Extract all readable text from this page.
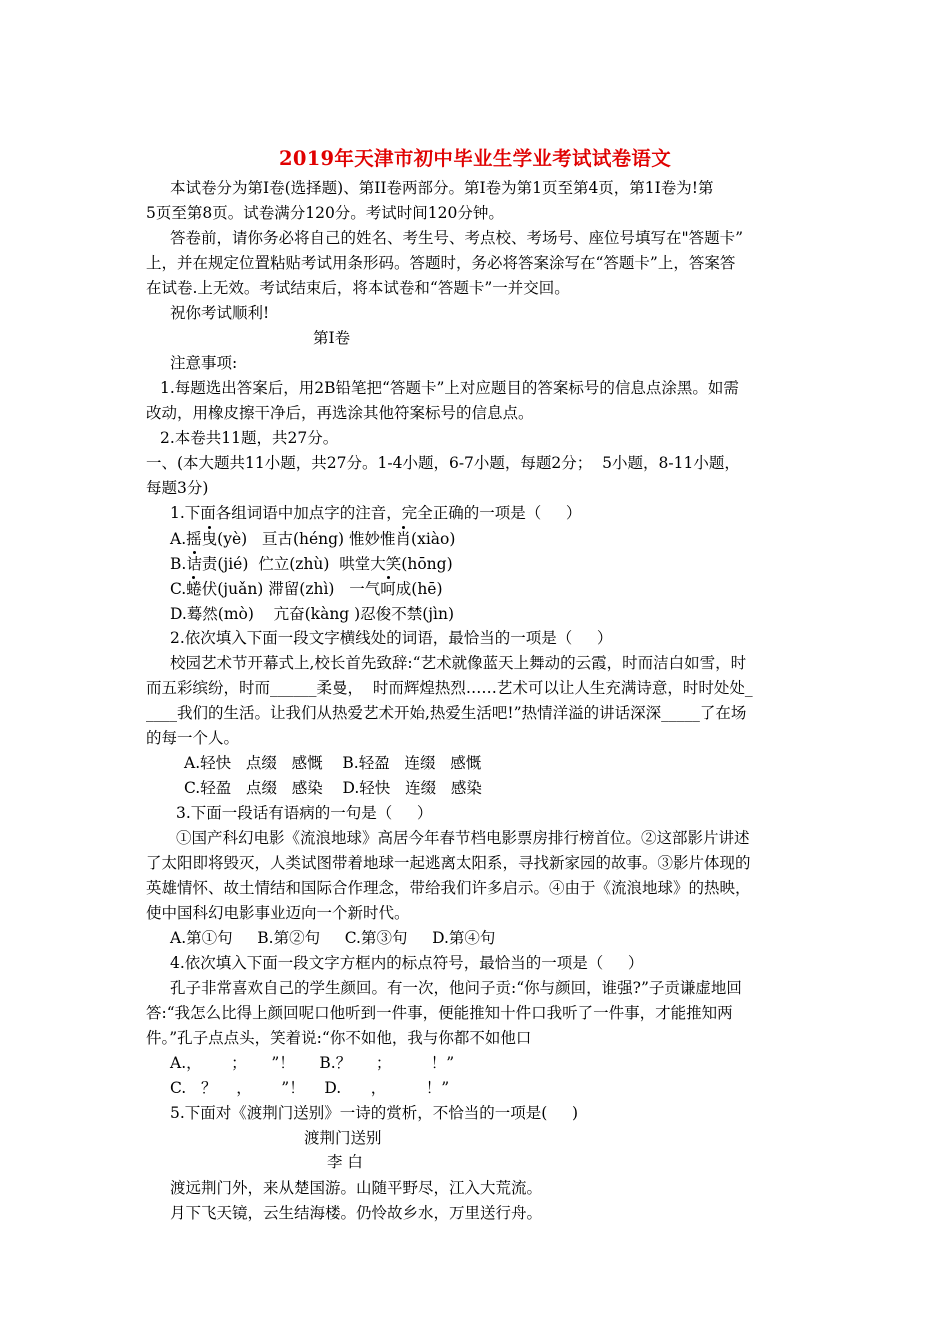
2019年天津市初中毕业生学业考试试卷语文
本试卷分为第Ⅰ卷(选择题)、第II卷两部分。第Ⅰ卷为第1页至第4页，第1I卷为!第
5页至第8页。试卷满分120分。考试时间120分钟。
答卷前，请你务必将自己的姓名、考生号、考点校、考场号、座位号填写在"答题卡”
上，并在规定位置粘贴考试用条形码。答题时，务必将答案涂写在“答题卡”上，答案答
在试卷.上无效。考试结束后，将本试卷和“答题卡”一并交回。
祝你考试顺利!
第Ⅰ卷
注意事项:
1.每题选出答案后，用2B铅笔把“答题卡”上对应题目的答案标号的信息点涂黑。如需
改动，用橡皮擦干净后，再选涂其他符案标号的信息点。
2.本卷共11题，共27分。
一、(本大题共11小题，共27分。1-4小题，6-7小题，每题2分；  5小题，8-11小题，
每题3分)
1.下面各组词语中加点字的注音，完全正确的一项是（     ）
A.摇曳(yè)   亘古(héng) 惟妙惟肖(xiào)
B.诘责(jié)  伫立(zhù)  哄堂大笑(hōng)
C.蜷伏(juǎn) 滞留(zhì)   一气呵成(hē)
D.蓦然(mò)    亢奋(kàng )忍俊不禁(jìn)
2.依次填入下面一段文字横线处的词语，最恰当的一项是（     ）
校园艺术节开幕式上,校长首先致辞:“艺术就像蓝天上舞动的云霞，时而洁白如雪，时
而五彩缤纷，时而______柔曼，  时而辉煌热烈……艺术可以让人生充满诗意，时时处处_
____我们的生活。让我们从热爱艺术开始,热爱生活吧!”热情洋溢的讲话深深_____了在场
的每一个人。
A.轻快   点缀   感慨    B.轻盈   连缀   感慨
C.轻盈   点缀   感染    D.轻快   连缀   感染
3.下面一段话有语病的一句是（     ）
①国产科幻电影《流浪地球》高居今年春节档电影票房排行榜首位。②这部影片讲述
了太阳即将毁灭，人类试图带着地球一起逃离太阳系，寻找新家园的故事。③影片体现的
英雄情怀、故土情结和国际合作理念，带给我们许多启示。④由于《流浪地球》的热映，
使中国科幻电影事业迈向一个新时代。
A.第①句     B.第②句     C.第③句     D.第④句
4.依次填入下面一段文字方框内的标点符号，最恰当的一项是（     ）
孔子非常喜欢自己的学生颜回。有一次，他问子贡:“你与颜回，谁强?”子贡谦虚地回
答:“我怎么比得上颜回呢口他听到一件事，便能推知十件口我听了一件事，才能推知两
件。”孔子点点头，笑着说:“你不如他，我与你都不如他口
A.，      ；     ”！     B.？     ；        ！”
C.   ？    ，      ”！    D.      ，        ！”
5.下面对《渡荆门送别》一诗的赏析，不恰当的一项是(     )
渡荆门送别
李 白
渡远荆门外，来从楚国游。山随平野尽，江入大荒流。
月下飞天镜，云生结海楼。仍怜故乡水，万里送行舟。
